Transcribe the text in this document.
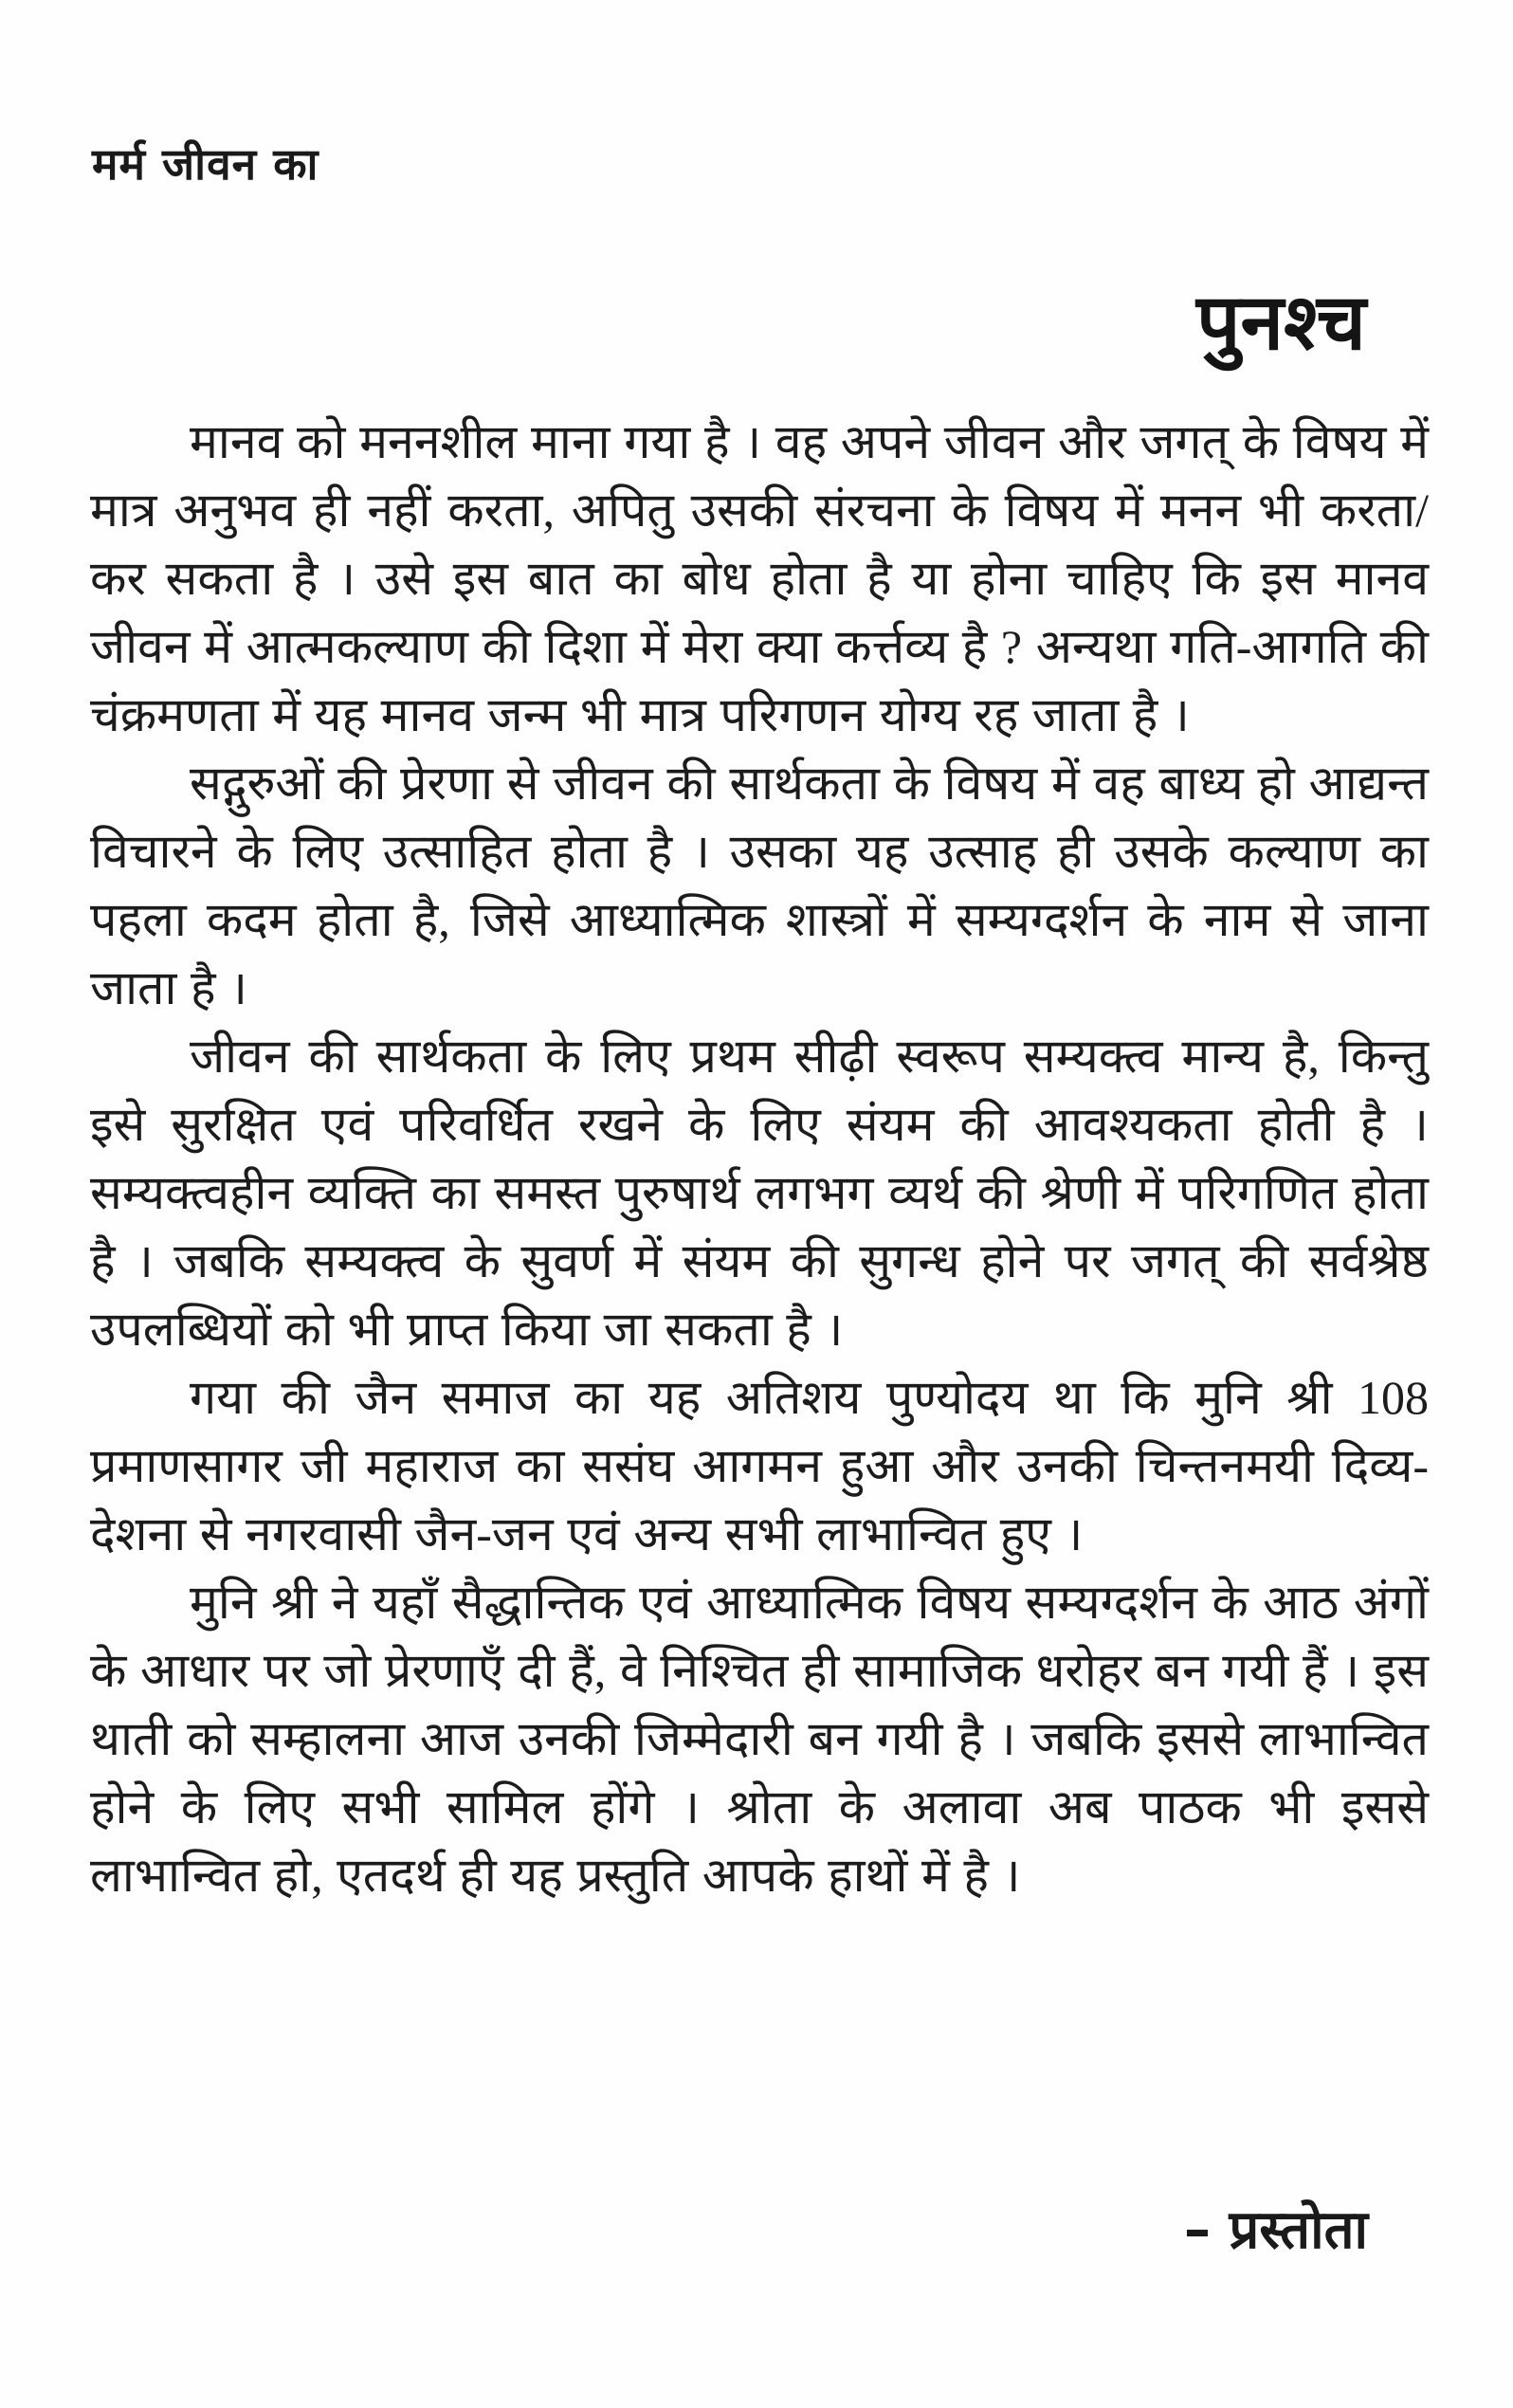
मर्म जीवन का
पुनश्च

मानव को मननशील माना गया है । वह अपने जीवन और जगत् के विषय में मात्र अनुभव ही नहीं करता, अपितु उसकी संरचना के विषय में मनन भी करता/कर सकता है । उसे इस बात का बोध होता है या होना चाहिए कि इस मानव जीवन में आत्मकल्याण की दिशा में मेरा क्या कर्त्तव्य है ? अन्यथा गति-आगति की चंक्रमणता में यह मानव जन्म भी मात्र परिगणन योग्य रह जाता है ।

सद्गुरुओं की प्रेरणा से जीवन की सार्थकता के विषय में वह बाध्य हो आद्यन्त विचारने के लिए उत्साहित होता है । उसका यह उत्साह ही उसके कल्याण का पहला कदम होता है, जिसे आध्यात्मिक शास्त्रों में सम्यग्दर्शन के नाम से जाना जाता है ।

जीवन की सार्थकता के लिए प्रथम सीढ़ी स्वरूप सम्यक्त्व मान्य है, किन्तु इसे सुरक्षित एवं परिवर्धित रखने के लिए संयम की आवश्यकता होती है । सम्यक्त्वहीन व्यक्ति का समस्त पुरुषार्थ लगभग व्यर्थ की श्रेणी में परिगणित होता है । जबकि सम्यक्त्व के सुवर्ण में संयम की सुगन्ध होने पर जगत् की सर्वश्रेष्ठ उपलब्धियों को भी प्राप्त किया जा सकता है ।

गया की जैन समाज का यह अतिशय पुण्योदय था कि मुनि श्री 108 प्रमाणसागर जी महाराज का ससंघ आगमन हुआ और उनकी चिन्तनमयी दिव्य-देशना से नगरवासी जैन-जन एवं अन्य सभी लाभान्वित हुए ।

मुनि श्री ने यहाँ सैद्धान्तिक एवं आध्यात्मिक विषय सम्यग्दर्शन के आठ अंगों के आधार पर जो प्रेरणाएँ दी हैं, वे निश्चित ही सामाजिक धरोहर बन गयी हैं । इस थाती को सम्हालना आज उनकी जिम्मेदारी बन गयी है । जबकि इससे लाभान्वित होने के लिए सभी सामिल होंगे । श्रोता के अलावा अब पाठक भी इससे लाभान्वित हो, एतदर्थ ही यह प्रस्तुति आपके हाथों में है ।

– प्रस्तोता
